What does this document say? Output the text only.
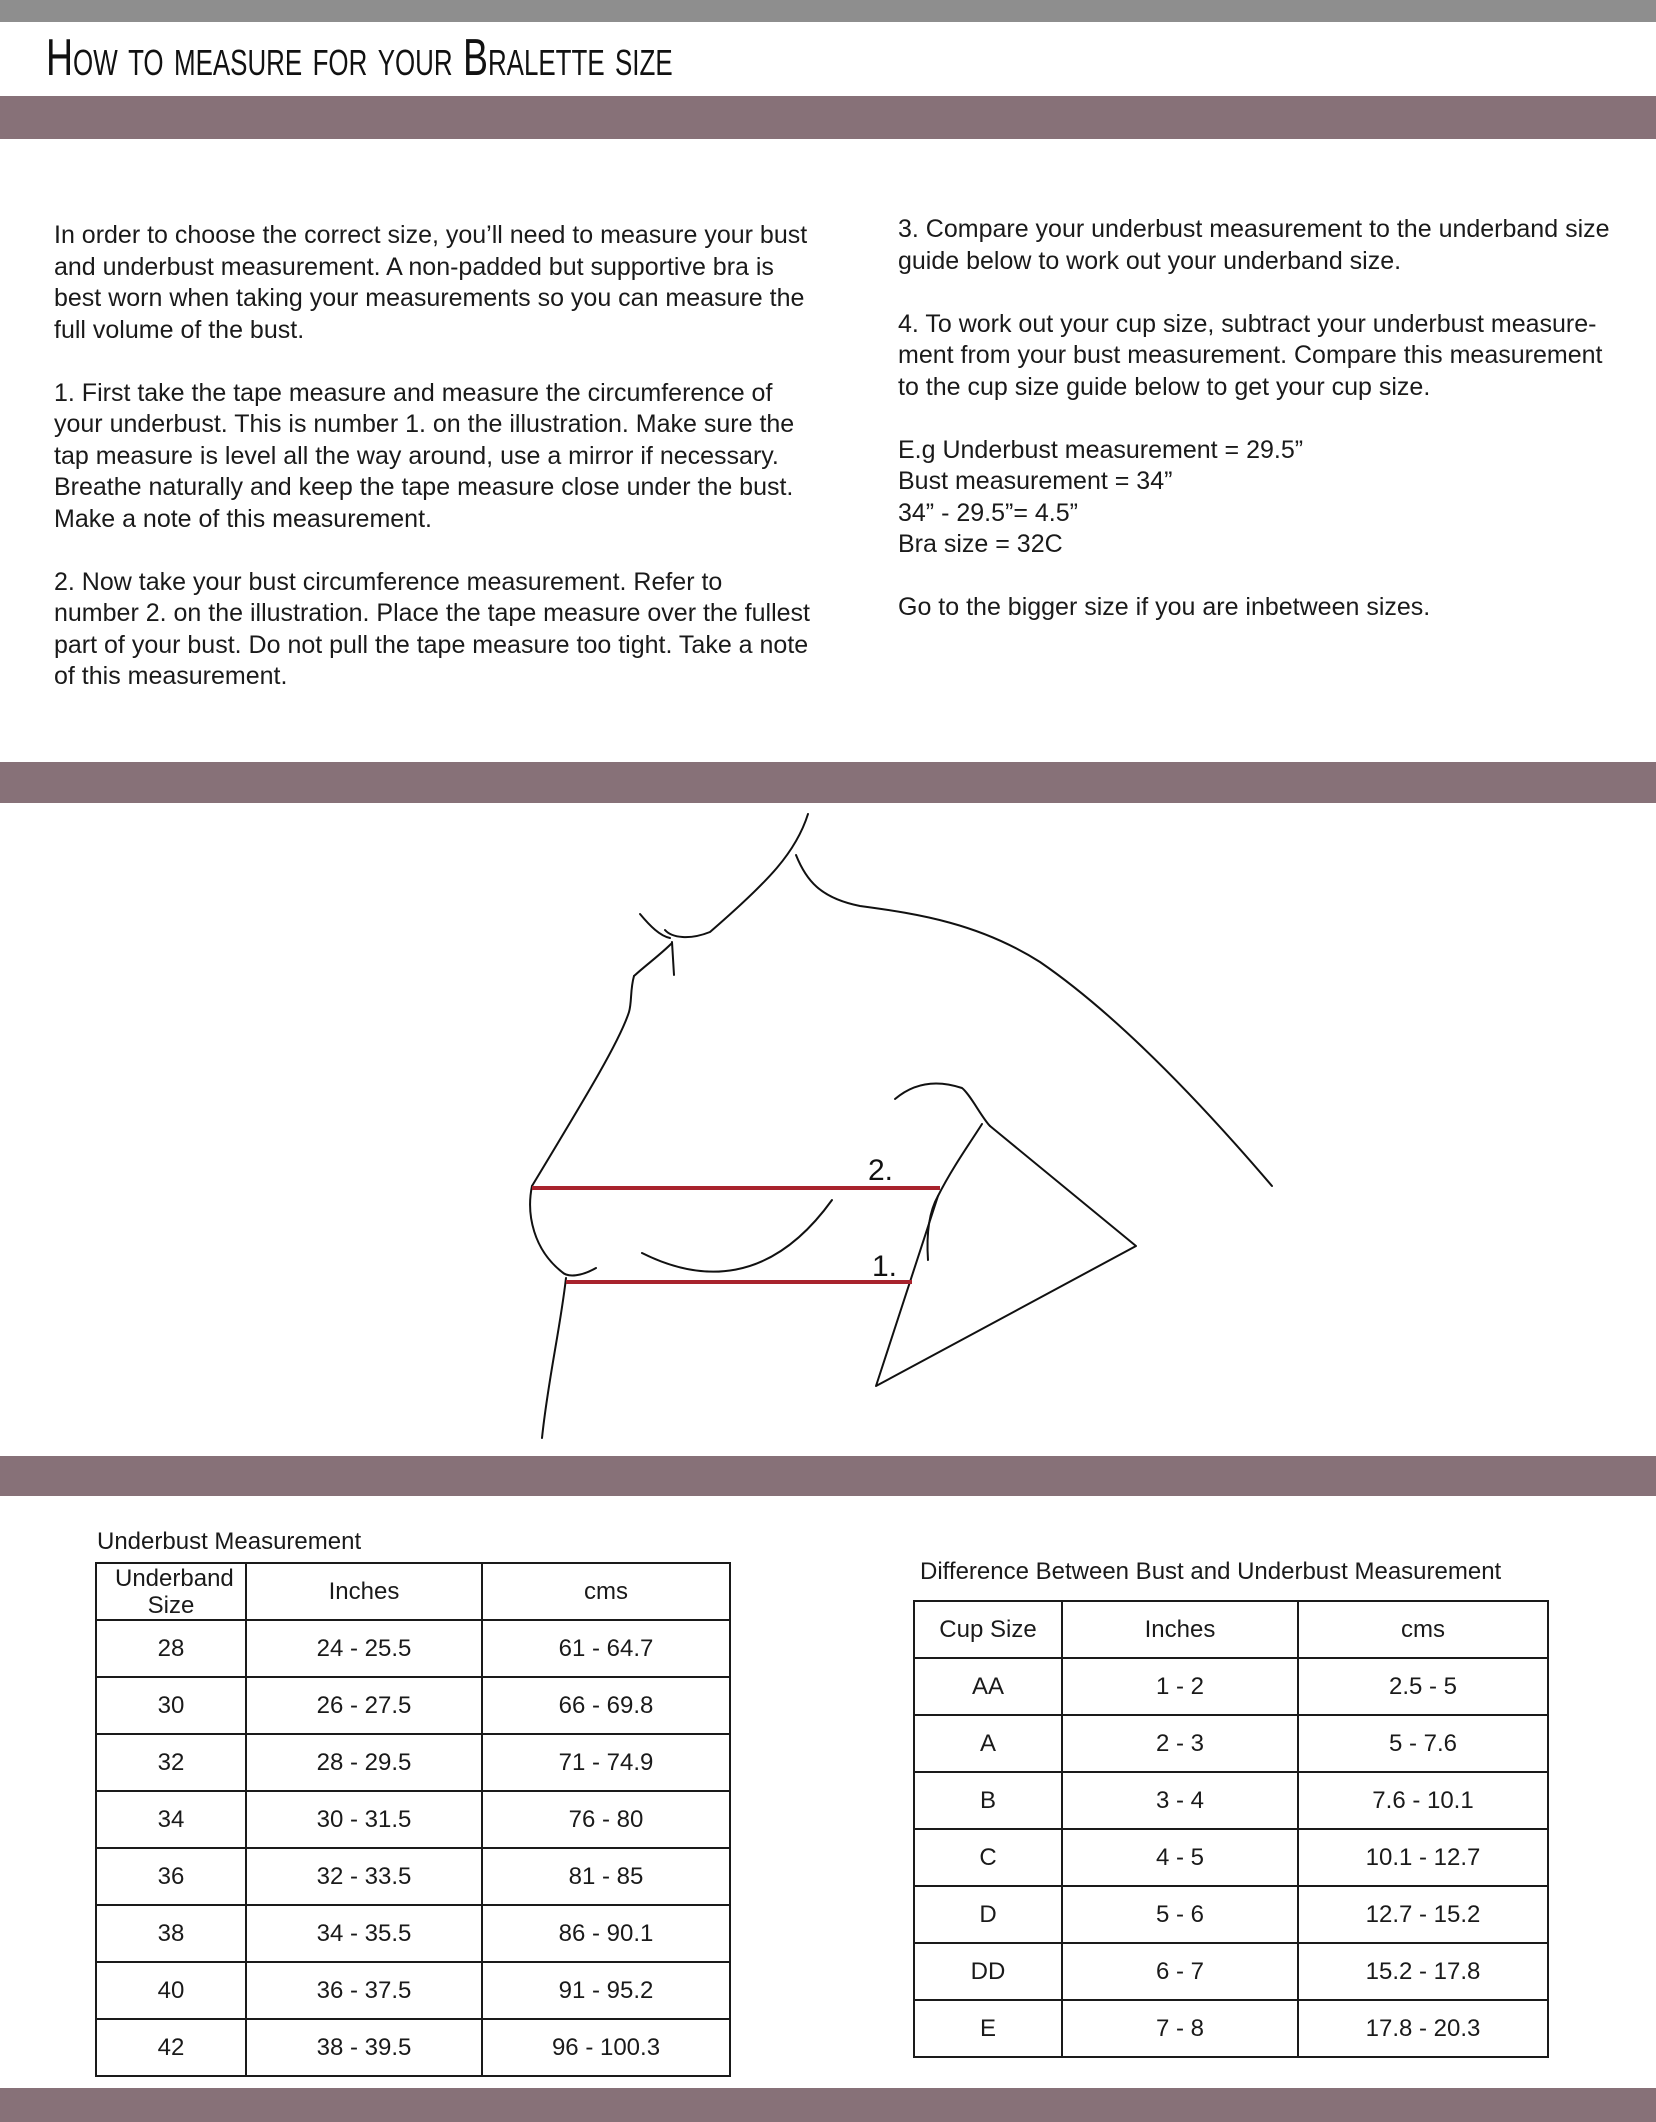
How to measure for your Bralette size

In order to choose the correct size, you’ll need to measure your bust and underbust measurement. A non-padded but supportive bra is best worn when taking your measurements so you can measure the full volume of the bust.

1. First take the tape measure and measure the circumference of your underbust. This is number 1. on the illustration. Make sure the tap measure is level all the way around, use a mirror if necessary. Breathe naturally and keep the tape measure close under the bust. Make a note of this measurement.

2. Now take your bust circumference measurement. Refer to number 2. on the illustration. Place the tape measure over the fullest part of your bust. Do not pull the tape measure too tight. Take a note of this measurement.

3. Compare your underbust measurement to the underband size guide below to work out your underband size.

4. To work out your cup size, subtract your underbust measure-ment from your bust measurement. Compare this measurement to the cup size guide below to get your cup size.

E.g Underbust measurement = 29.5”
Bust measurement = 34”
34” - 29.5”= 4.5”
Bra size = 32C

Go to the bigger size if you are inbetween sizes.

2.
1.
Underbust Measurement
Underband Size	Inches	cms
28	24 - 25.5	61 - 64.7
30	26 - 27.5	66 - 69.8
32	28 - 29.5	71 - 74.9
34	30 - 31.5	76 - 80
36	32 - 33.5	81 - 85
38	34 - 35.5	86 - 90.1
40	36 - 37.5	91 - 95.2
42	38 - 39.5	96 - 100.3
Difference Between Bust and Underbust Measurement
Cup Size	Inches	cms
AA	1 - 2	2.5 - 5
A	2 - 3	5 - 7.6
B	3 - 4	7.6 - 10.1
C	4 - 5	10.1 - 12.7
D	5 - 6	12.7 - 15.2
DD	6 - 7	15.2 - 17.8
E	7 - 8	17.8 - 20.3
